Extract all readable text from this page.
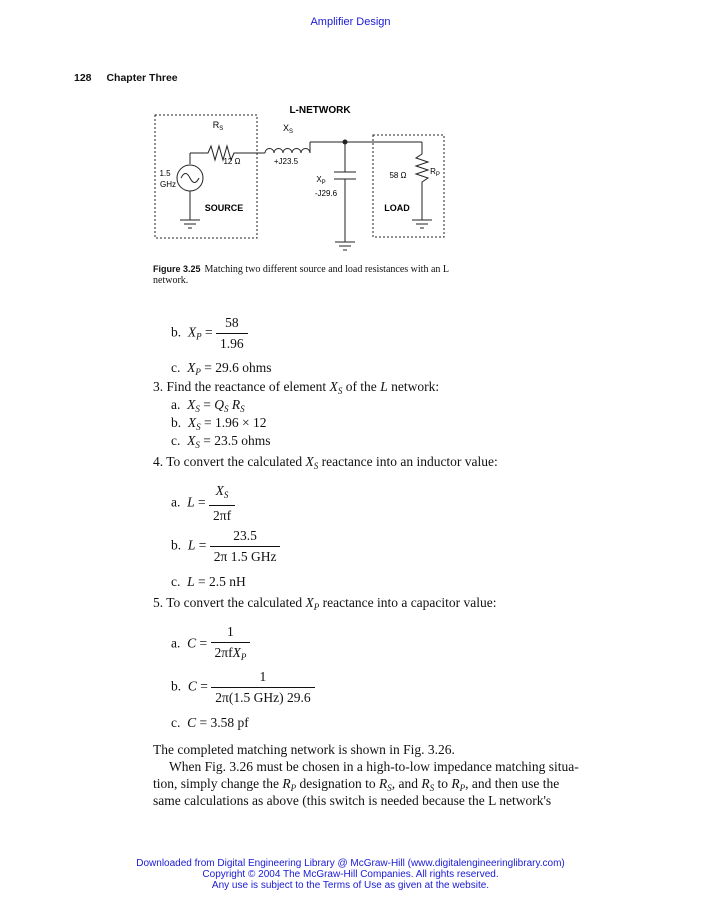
Amplifier Design
128 Chapter Three
L-NETWORK
$R_S$
12 Ω
$X_S$
+J23.5
1.5
GHz
SOURCE
$X_P$
-J29.6
58 Ω	$R_P$
LOAD
Figure 3.25 Matching two different source and load resistances with an L network.
b. $X_P = \frac{58}{1.96}$
c. $X_P = 29.6$ ohms
3. Find the reactance of element $X_S$ of the L network:
a. $X_S = Q_S$ $R_S$
b. $X_S = 1.96 \times 12$
c. $X_S = 23.5$ ohms
4. To convert the calculated $X_S$ reactance into an inductor value:
a. $L = \frac{X_S}{2\pi f}$
b. $L = \frac{23.5}{\text{2π 1.5 GHz}}$
c. L = 2.5 nH
5. To convert the calculated $X_P$ reactance into a capacitor value:
a. $C = \frac{1}{2\pi fX_P}$
b. $C = \frac{1}{\text{2π(1.5 GHz) 29.6}}$
c. C = 3.58 pf
The completed matching network is shown in Fig. 3.26.
When Fig. 3.26 must be chosen in a high-to-low impedance matching situa-
tion, simply change the $R_P$ designation to $R_S$, and $R_S$ to $R_P$, and then use the
same calculations as above (this switch is needed because the L network's
Downloaded from Digital Engineering Library @ McGraw-Hill (www.digitalengineeringlibrary.com)
Copyright © 2004 The McGraw-Hill Companies. All rights reserved.
Any use is subject to the Terms of Use as given at the website.
